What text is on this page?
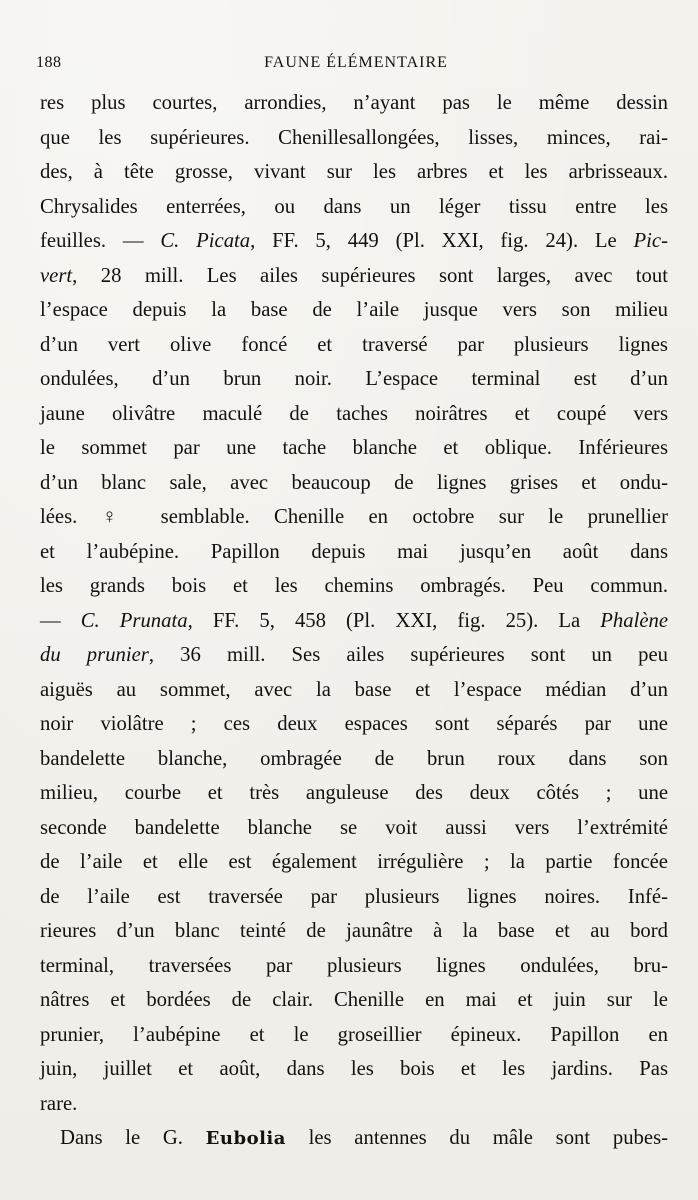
188	FAUNE ÉLÉMENTAIRE
res plus courtes, arrondies, n’ayant pas le même dessin
que les supérieures. Chenillesallongées, lisses, minces, rai-
des, à tête grosse, vivant sur les arbres et les arbrisseaux.
Chrysalides enterrées, ou dans un léger tissu entre les
feuilles. — C. Picata, FF. 5, 449 (Pl. XXI, fig. 24). Le Pic-
vert, 28 mill. Les ailes supérieures sont larges, avec tout
l’espace depuis la base de l’aile jusque vers son milieu
d’un vert olive foncé et traversé par plusieurs lignes
ondulées, d’un brun noir. L’espace terminal est d’un
jaune olivâtre maculé de taches noirâtres et coupé vers
le sommet par une tache blanche et oblique. Inférieures
d’un blanc sale, avec beaucoup de lignes grises et ondu-
lées. ♀ semblable. Chenille en octobre sur le prunellier
et l’aubépine. Papillon depuis mai jusqu’en août dans
les grands bois et les chemins ombragés. Peu commun.
— C. Prunata, FF. 5, 458 (Pl. XXI, fig. 25). La Phalène
du prunier, 36 mill. Ses ailes supérieures sont un peu
aiguës au sommet, avec la base et l’espace médian d’un
noir violâtre ; ces deux espaces sont séparés par une
bandelette blanche, ombragée de brun roux dans son
milieu, courbe et très anguleuse des deux côtés ; une
seconde bandelette blanche se voit aussi vers l’extrémité
de l’aile et elle est également irrégulière ; la partie foncée
de l’aile est traversée par plusieurs lignes noires. Infé-
rieures d’un blanc teinté de jaunâtre à la base et au bord
terminal, traversées par plusieurs lignes ondulées, bru-
nâtres et bordées de clair. Chenille en mai et juin sur le
prunier, l’aubépine et le groseillier épineux. Papillon en
juin, juillet et août, dans les bois et les jardins. Pas
rare.
Dans le G. Eubolia les antennes du mâle sont pubes-
